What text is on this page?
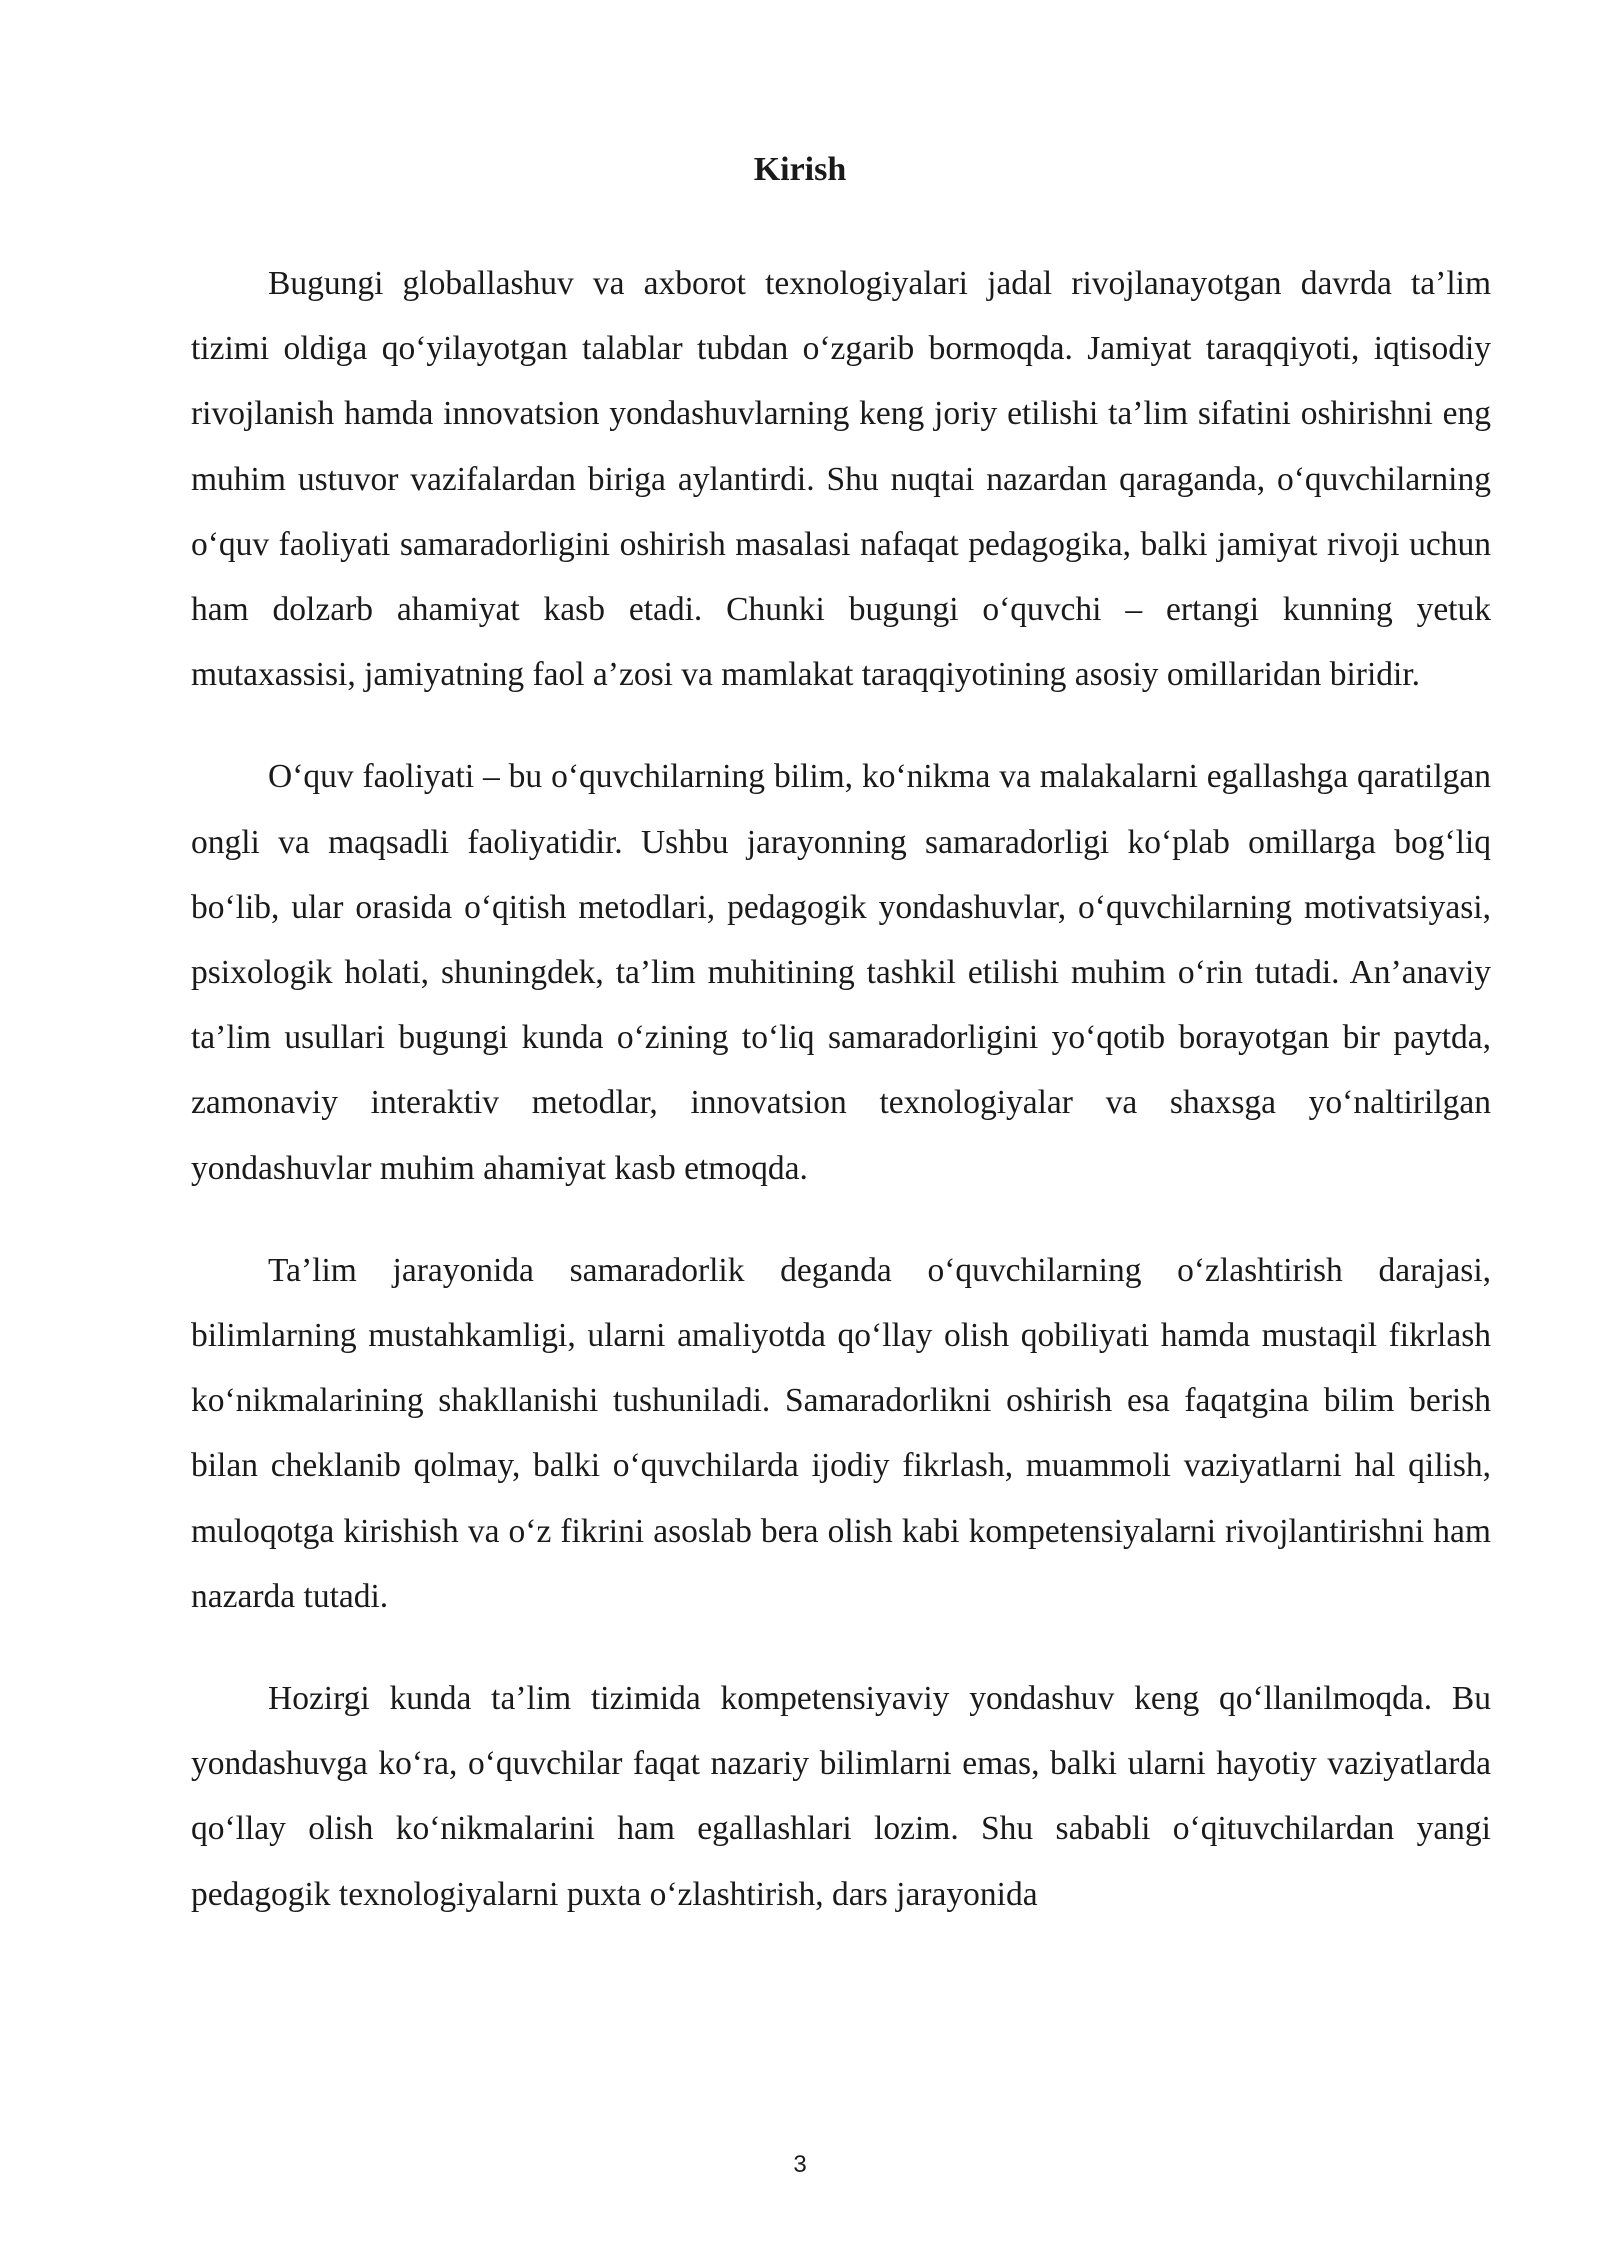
Kirish

Bugungi globallashuv va axborot texnologiyalari jadal rivojlanayotgan davrda ta’lim tizimi oldiga qo‘yilayotgan talablar tubdan o‘zgarib bormoqda. Jamiyat taraqqiyoti, iqtisodiy rivojlanish hamda innovatsion yondashuvlarning keng joriy etilishi ta’lim sifatini oshirishni eng muhim ustuvor vazifalardan biriga aylantirdi. Shu nuqtai nazardan qaraganda, o‘quvchilarning o‘quv faoliyati samaradorligini oshirish masalasi nafaqat pedagogika, balki jamiyat rivoji uchun ham dolzarb ahamiyat kasb etadi. Chunki bugungi o‘quvchi – ertangi kunning yetuk mutaxassisi, jamiyatning faol a’zosi va mamlakat taraqqiyotining asosiy omillaridan biridir.

O‘quv faoliyati – bu o‘quvchilarning bilim, ko‘nikma va malakalarni egallashga qaratilgan ongli va maqsadli faoliyatidir. Ushbu jarayonning samaradorligi ko‘plab omillarga bog‘liq bo‘lib, ular orasida o‘qitish metodlari, pedagogik yondashuvlar, o‘quvchilarning motivatsiyasi, psixologik holati, shuningdek, ta’lim muhitining tashkil etilishi muhim o‘rin tutadi. An’anaviy ta’lim usullari bugungi kunda o‘zining to‘liq samaradorligini yo‘qotib borayotgan bir paytda, zamonaviy interaktiv metodlar, innovatsion texnologiyalar va shaxsga yo‘naltirilgan yondashuvlar muhim ahamiyat kasb etmoqda.

Ta’lim jarayonida samaradorlik deganda o‘quvchilarning o‘zlashtirish darajasi, bilimlarning mustahkamligi, ularni amaliyotda qo‘llay olish qobiliyati hamda mustaqil fikrlash ko‘nikmalarining shakllanishi tushuniladi. Samaradorlikni oshirish esa faqatgina bilim berish bilan cheklanib qolmay, balki o‘quvchilarda ijodiy fikrlash, muammoli vaziyatlarni hal qilish, muloqotga kirishish va o‘z fikrini asoslab bera olish kabi kompetensiyalarni rivojlantirishni ham nazarda tutadi.

Hozirgi kunda ta’lim tizimida kompetensiyaviy yondashuv keng qo‘llanilmoqda. Bu yondashuvga ko‘ra, o‘quvchilar faqat nazariy bilimlarni emas, balki ularni hayotiy vaziyatlarda qo‘llay olish ko‘nikmalarini ham egallashlari lozim. Shu sababli o‘qituvchilardan yangi pedagogik texnologiyalarni puxta o‘zlashtirish, dars jarayonida

3
